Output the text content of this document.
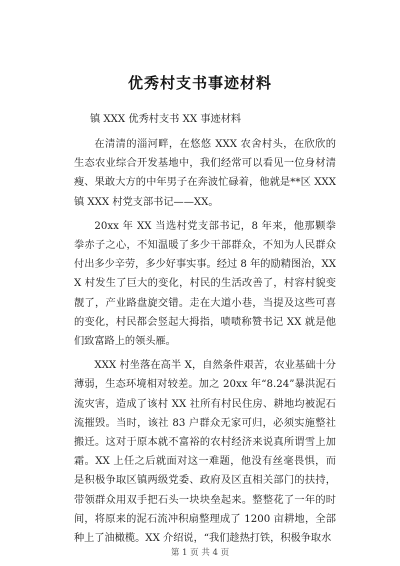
优秀村支书事迹材料
镇 XXX 优秀村支书 XX 事迹材料

在清清的淄河畔，在悠悠 XXX 农舍村头，在欣欣的生态农业综合开发基地中，我们经常可以看见一位身材清瘦、果敢大方的中年男子在奔波忙碌着，他就是**区 XXX 镇 XXX 村党支部书记——XX。

20xx 年 XX 当选村党支部书记，8 年来，他那颗拳拳赤子之心，不知温暖了多少干部群众，不知为人民群众付出多少辛劳，多少好事实事。经过 8 年的励精图治，XXX 村发生了巨大的变化，村民的生活改善了，村容村貌变靓了，产业路盘旋交错。走在大道小巷，当提及这些可喜的变化，村民都会竖起大拇指，啧啧称赞书记 XX 就是他们致富路上的领头雁。

XXX 村坐落在高半 X，自然条件艰苦，农业基础十分薄弱，生态环境相对较差。加之 20xx 年“8.24”暴洪泥石流灾害，造成了该村 XX 社所有村民住房、耕地均被泥石流摧毁。当时，该社 83 户群众无家可归，必须实施整社搬迁。这对于原本就不富裕的农村经济来说真所谓雪上加霜。XX 上任之后就面对这一难题，他没有丝毫畏惧，而是积极争取区镇两级党委、政府及区直相关部门的扶持，带领群众用双手把石头一块块垒起来。整整花了一年的时间，将原来的泥石流冲积扇整理成了 1200 亩耕地，全部种上了油橄榄。XX 介绍说，“我们趁热打铁，积极争取水

第 1 页 共 4 页
